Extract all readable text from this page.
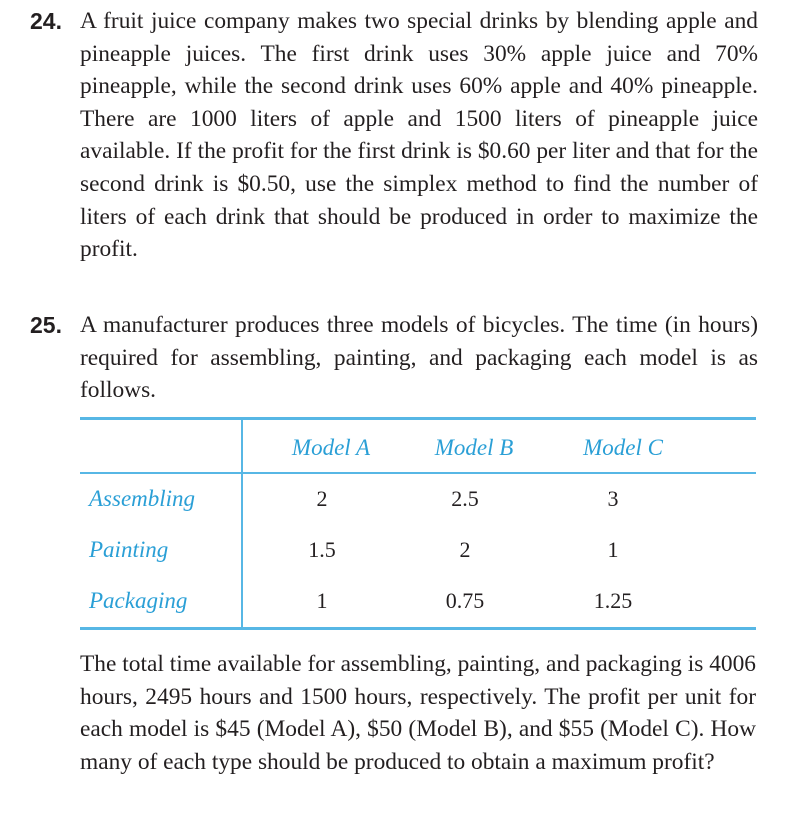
24. A fruit juice company makes two special drinks by blending apple and pineapple juices. The first drink uses 30% apple juice and 70% pineapple, while the second drink uses 60% apple and 40% pineapple. There are 1000 liters of apple and 1500 liters of pineapple juice available. If the profit for the first drink is $0.60 per liter and that for the second drink is $0.50, use the simplex method to find the number of liters of each drink that should be produced in order to maximize the profit.
25. A manufacturer produces three models of bicycles. The time (in hours) required for assembling, painting, and packaging each model is as follows.
Model A	Model B	Model C
Assembling	2	2.5	3
Painting	1.5	2	1
Packaging	1	0.75	1.25
The total time available for assembling, painting, and packaging is 4006 hours, 2495 hours and 1500 hours, respectively. The profit per unit for each model is $45 (Model A), $50 (Model B), and $55 (Model C). How many of each type should be produced to obtain a maximum profit?
